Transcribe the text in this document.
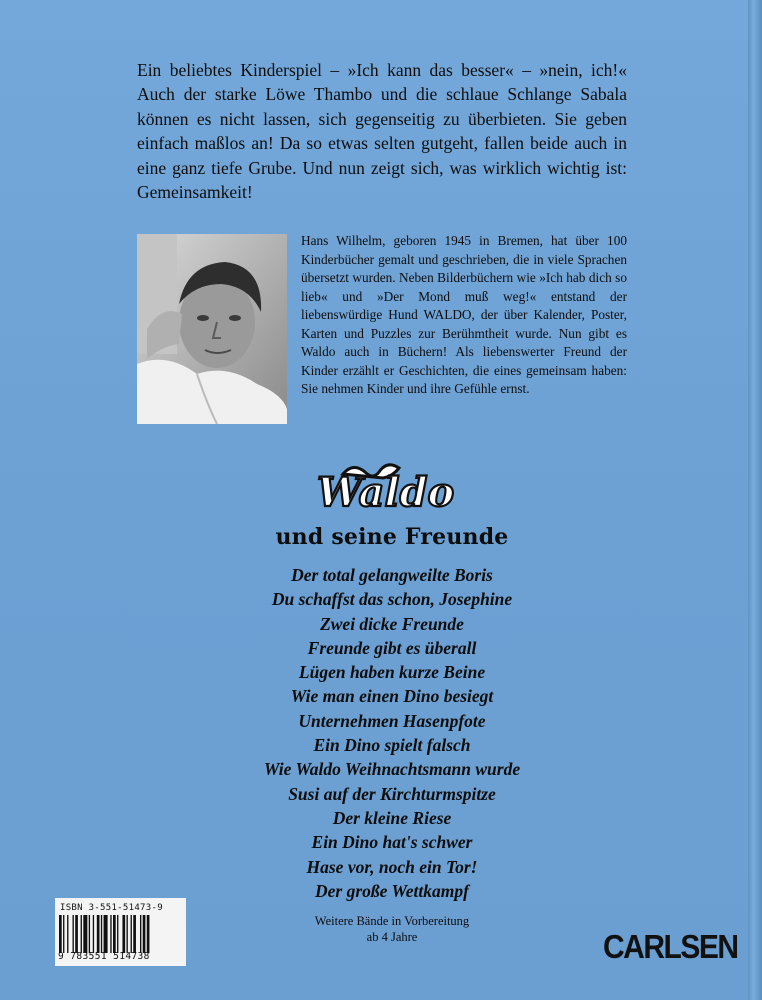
Ein beliebtes Kinderspiel – »Ich kann das besser« – »nein, ich!« Auch der starke Löwe Thambo und die schlaue Schlange Sabala können es nicht lassen, sich gegenseitig zu überbieten. Sie geben einfach maßlos an! Da so etwas selten gutgeht, fallen beide auch in eine ganz tiefe Grube. Und nun zeigt sich, was wirklich wichtig ist: Gemeinsamkeit!

Hans Wilhelm, geboren 1945 in Bremen, hat über 100 Kinderbücher gemalt und geschrieben, die in viele Sprachen übersetzt wurden. Neben Bilderbüchern wie »Ich hab dich so lieb« und »Der Mond muß weg!« entstand der liebenswürdige Hund WALDO, der über Kalender, Poster, Karten und Puzzles zur Berühmtheit wurde. Nun gibt es Waldo auch in Büchern! Als liebenswerter Freund der Kinder erzählt er Geschichten, die eines gemeinsam haben: Sie nehmen Kinder und ihre Gefühle ernst.

Waldo
und seine Freunde
Der total gelangweilte Boris
Du schaffst das schon, Josephine
Zwei dicke Freunde
Freunde gibt es überall
Lügen haben kurze Beine
Wie man einen Dino besiegt
Unternehmen Hasenpfote
Ein Dino spielt falsch
Wie Waldo Weihnachtsmann wurde
Susi auf der Kirchturmspitze
Der kleine Riese
Ein Dino hat's schwer
Hase vor, noch ein Tor!
Der große Wettkampf
ISBN 3-551-51473-9
9 783551 514738

Weitere Bände in Vorbereitung
ab 4 Jahre	CARLSEN
